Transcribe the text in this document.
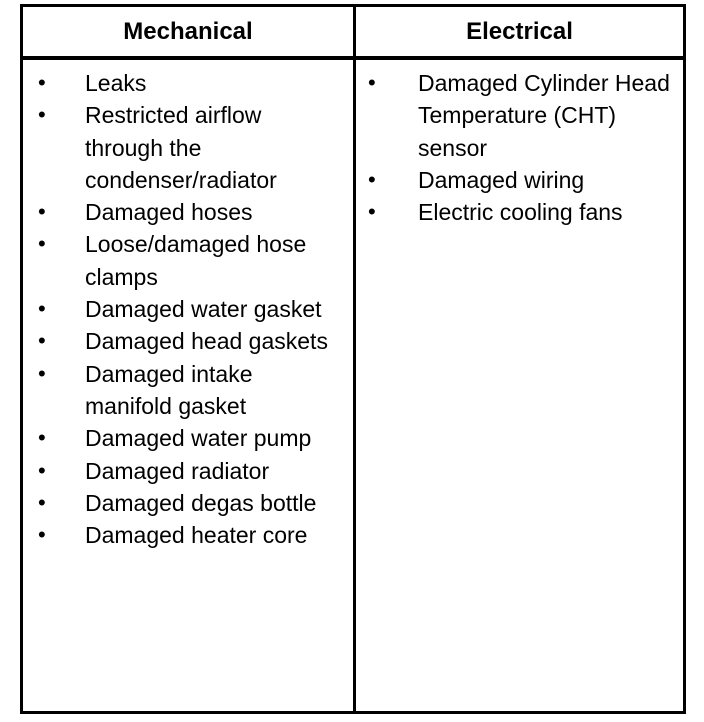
Mechanical	Electrical
• Leaks
• Restricted airflow through the condenser/radiator
• Damaged hoses
• Loose/damaged hose clamps
• Damaged water gasket
• Damaged head gaskets
• Damaged intake manifold gasket
• Damaged water pump
• Damaged radiator
• Damaged degas bottle
• Damaged heater core
• Damaged Cylinder Head Temperature (CHT) sensor
• Damaged wiring
• Electric cooling fans
